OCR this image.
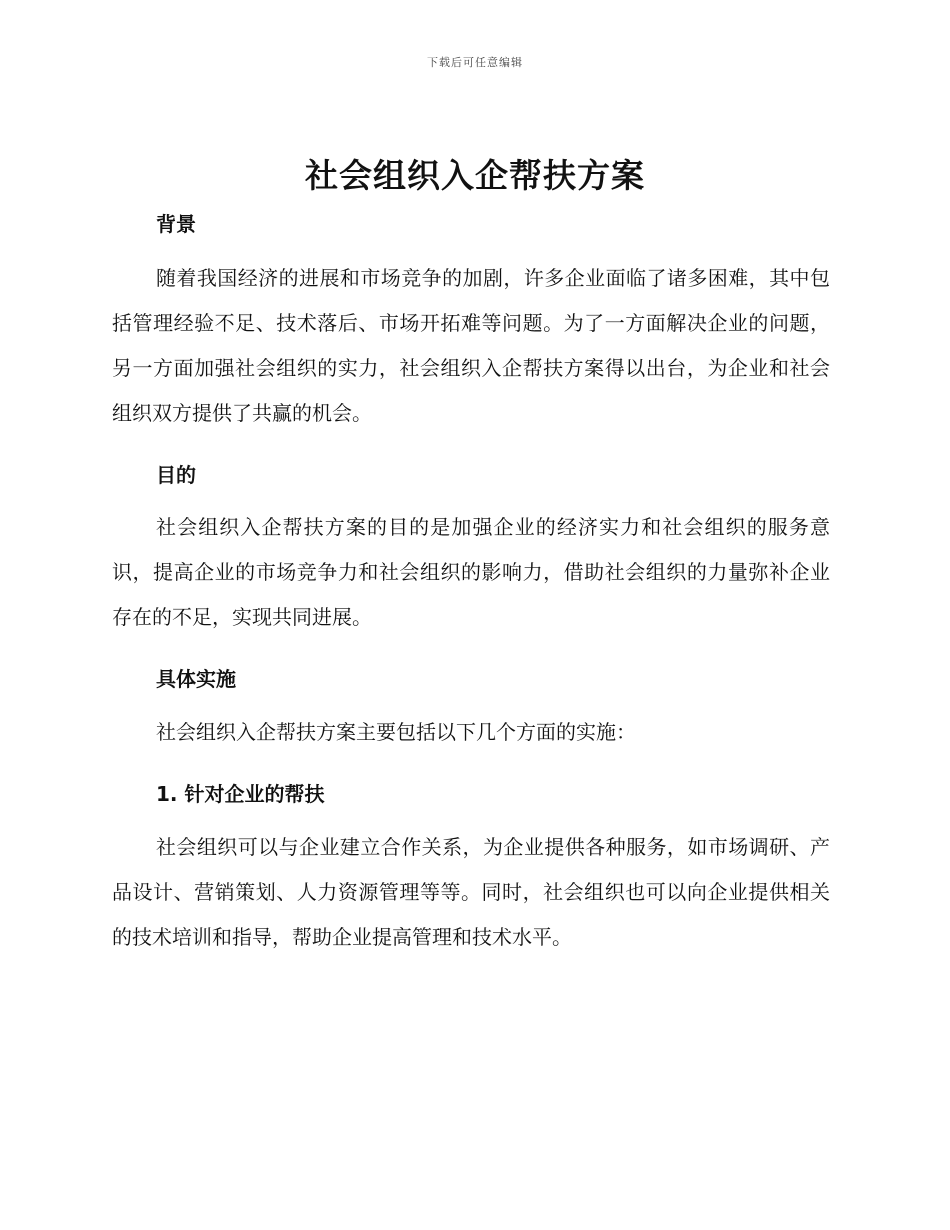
下载后可任意编辑
社会组织入企帮扶方案
背景

随着我国经济的进展和市场竞争的加剧，许多企业面临了诸多困难，其中包括管理经验不足、技术落后、市场开拓难等问题。为了一方面解决企业的问题，另一方面加强社会组织的实力，社会组织入企帮扶方案得以出台，为企业和社会组织双方提供了共赢的机会。

目的

社会组织入企帮扶方案的目的是加强企业的经济实力和社会组织的服务意识，提高企业的市场竞争力和社会组织的影响力，借助社会组织的力量弥补企业存在的不足，实现共同进展。

具体实施

社会组织入企帮扶方案主要包括以下几个方面的实施：

1. 针对企业的帮扶

社会组织可以与企业建立合作关系，为企业提供各种服务，如市场调研、产品设计、营销策划、人力资源管理等等。同时，社会组织也可以向企业提供相关的技术培训和指导，帮助企业提高管理和技术水平。
